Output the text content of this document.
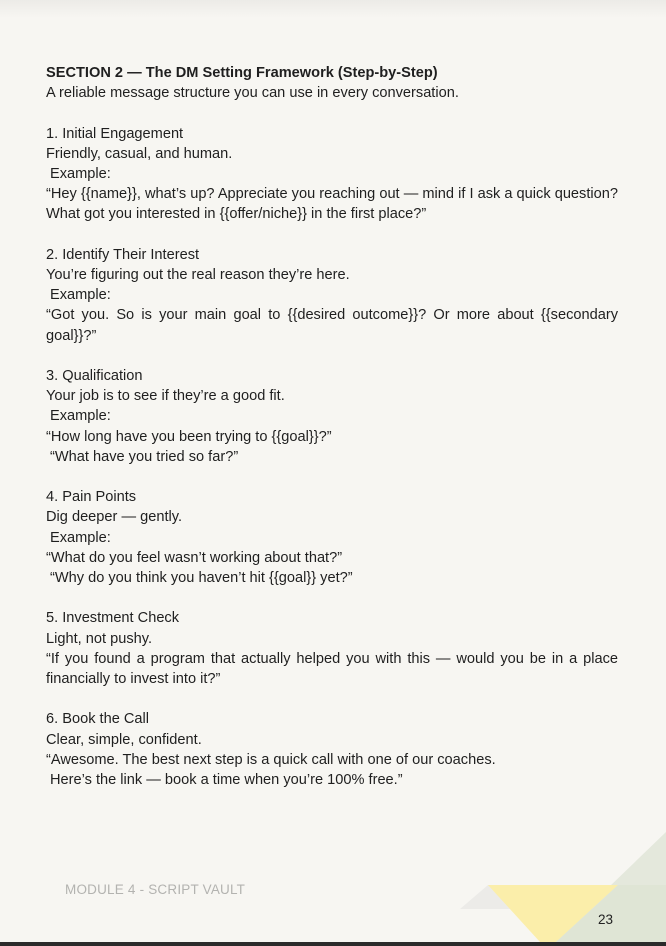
SECTION 2 — The DM Setting Framework (Step-by-Step)
A reliable message structure you can use in every conversation.
1. Initial Engagement
Friendly, casual, and human.
Example:
“Hey {{name}}, what’s up? Appreciate you reaching out — mind if I ask a quick question? What got you interested in {{offer/niche}} in the first place?”
2. Identify Their Interest
You’re figuring out the real reason they’re here.
Example:
“Got you. So is your main goal to {{desired outcome}}? Or more about {{secondary goal}}?”
3. Qualification
Your job is to see if they’re a good fit.
Example:
“How long have you been trying to {{goal}}?”
“What have you tried so far?”
4. Pain Points
Dig deeper — gently.
Example:
“What do you feel wasn’t working about that?”
“Why do you think you haven’t hit {{goal}} yet?”
5. Investment Check
Light, not pushy.
“If you found a program that actually helped you with this — would you be in a place financially to invest into it?”
6. Book the Call
Clear, simple, confident.
“Awesome. The best next step is a quick call with one of our coaches.
Here’s the link — book a time when you’re 100% free.”
MODULE 4 - SCRIPT VAULT
23
